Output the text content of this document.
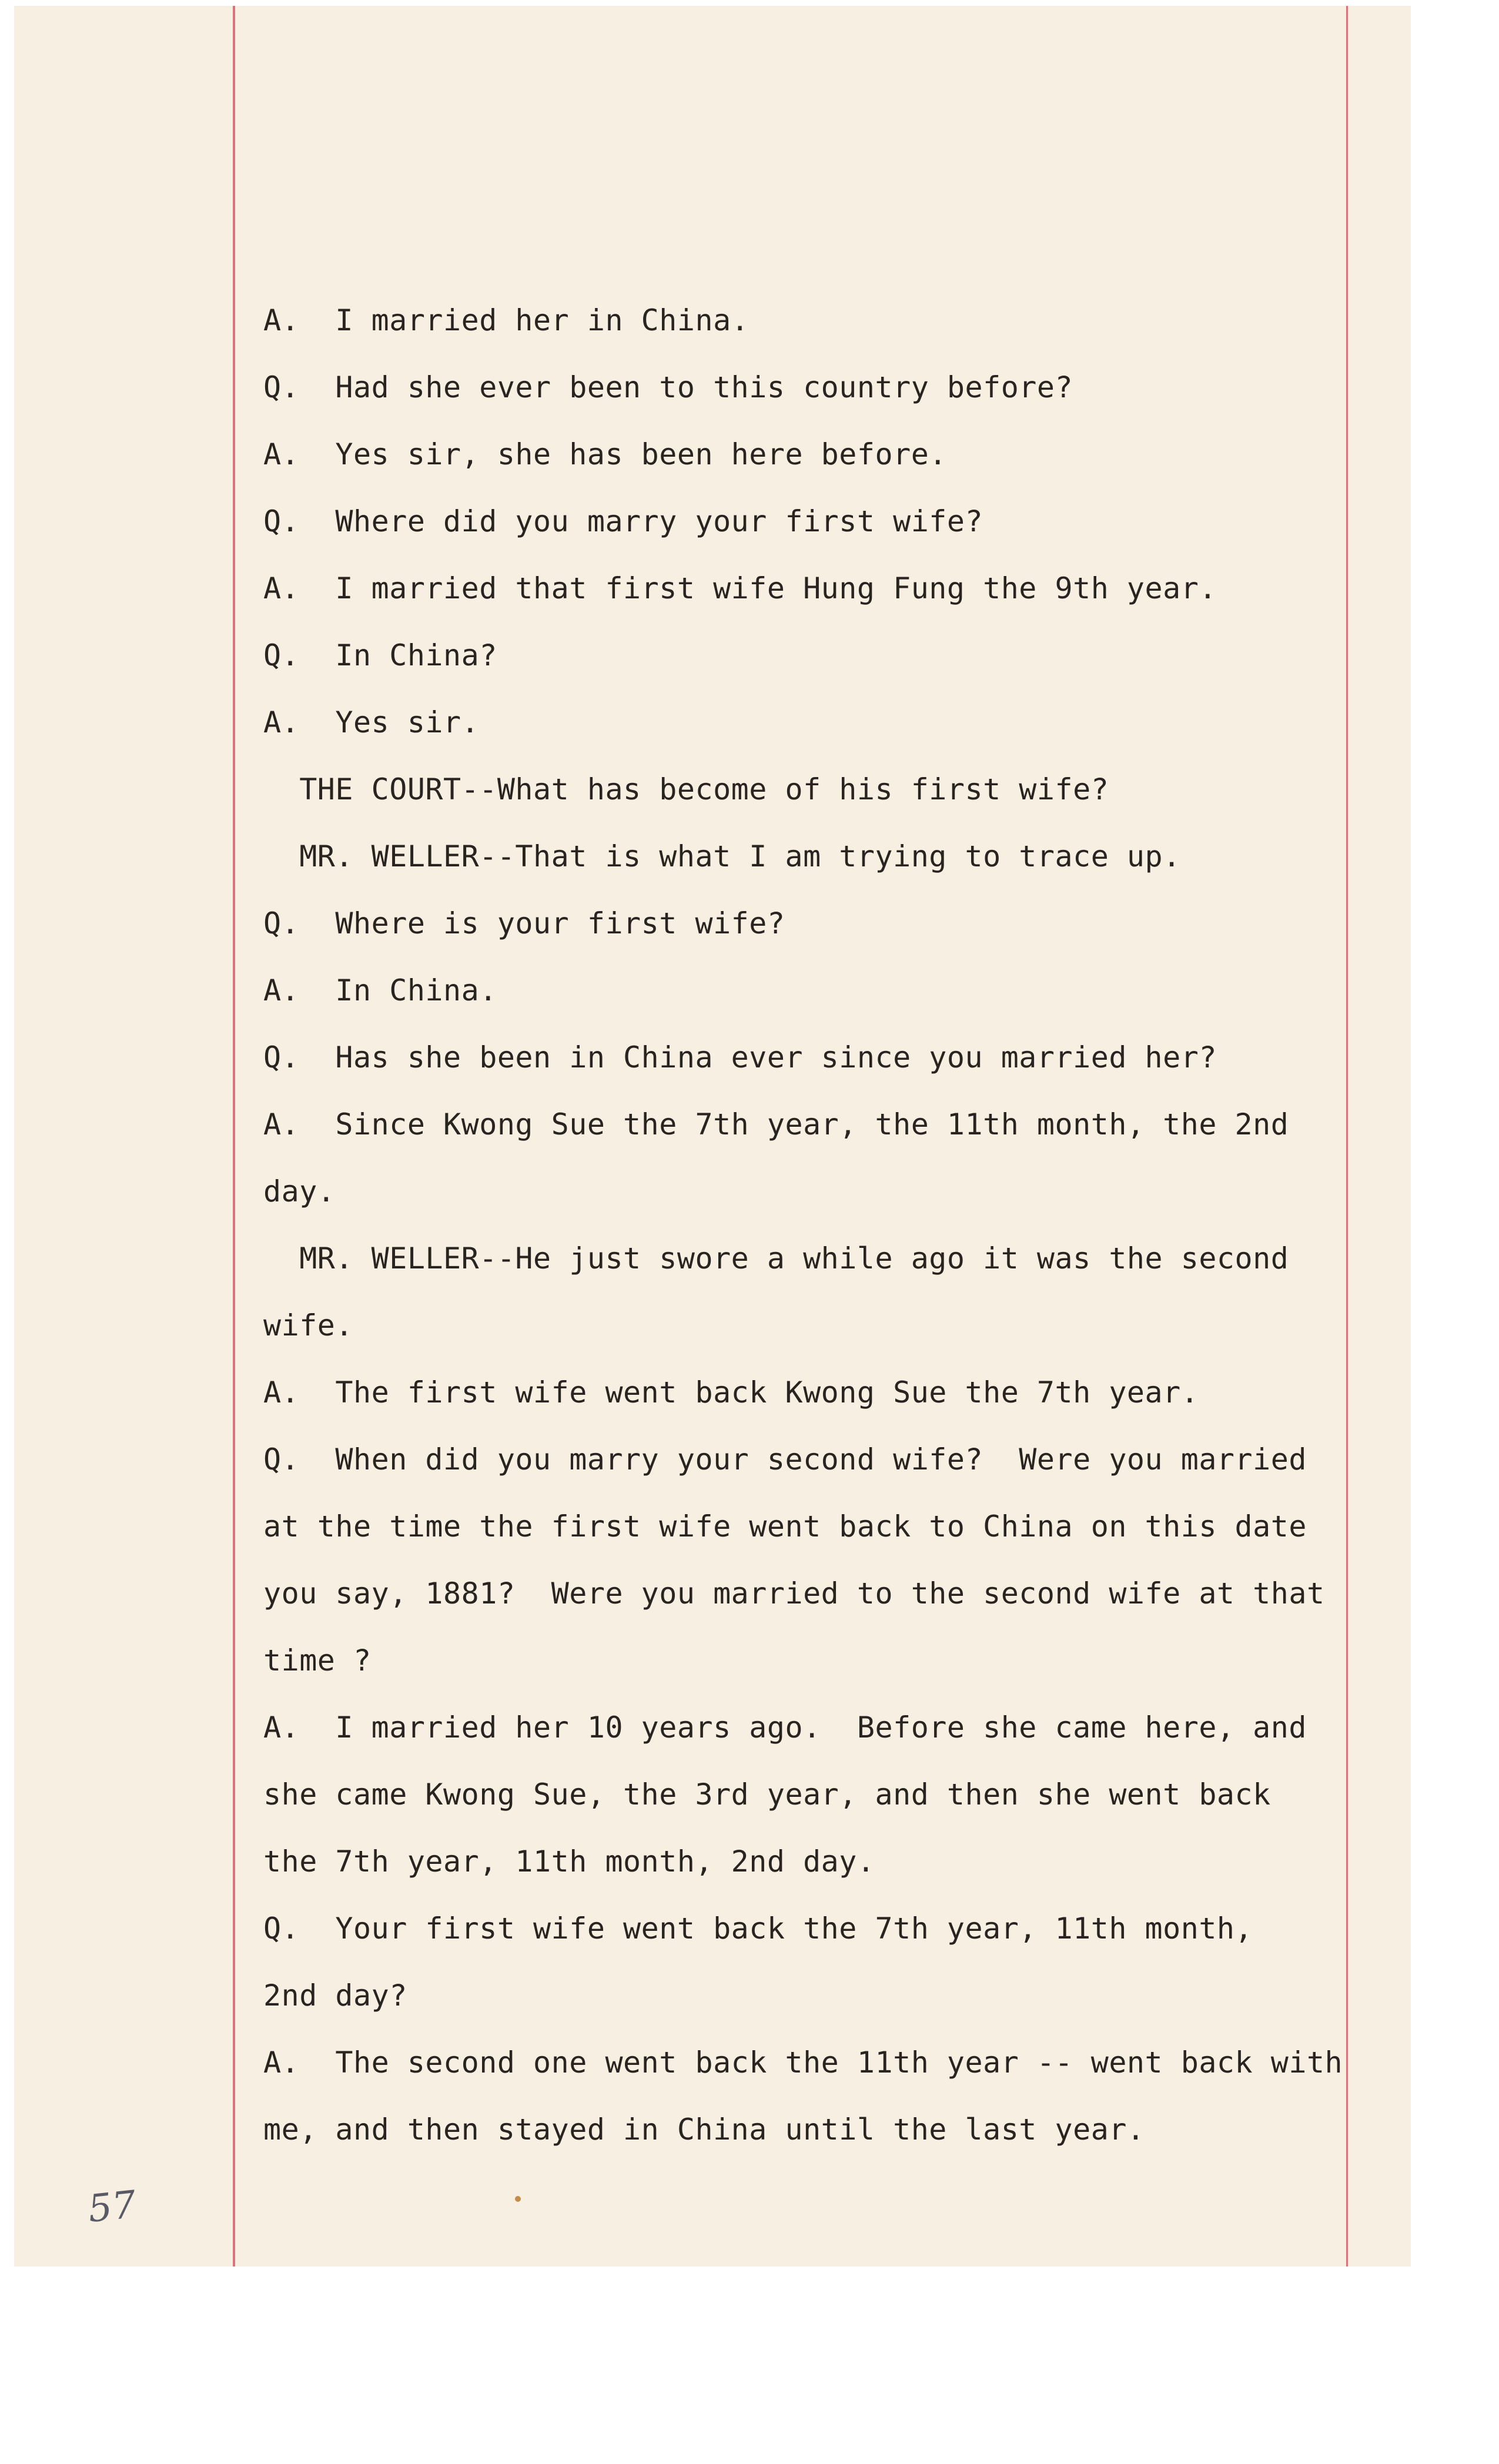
A.  I married her in China.
Q.  Had she ever been to this country before?
A.  Yes sir, she has been here before.
Q.  Where did you marry your first wife?
A.  I married that first wife Hung Fung the 9th year.
Q.  In China?
A.  Yes sir.
THE COURT--What has become of his first wife?
MR. WELLER--That is what I am trying to trace up.
Q.  Where is your first wife?
A.  In China.
Q.  Has she been in China ever since you married her?
A.  Since Kwong Sue the 7th year, the 11th month, the 2nd
day.
MR. WELLER--He just swore a while ago it was the second
wife.
A.  The first wife went back Kwong Sue the 7th year.
Q.  When did you marry your second wife?  Were you married
at the time the first wife went back to China on this date
you say, 1881?  Were you married to the second wife at that
time ?
A.  I married her 10 years ago.  Before she came here, and
she came Kwong Sue, the 3rd year, and then she went back
the 7th year, 11th month, 2nd day.
Q.  Your first wife went back the 7th year, 11th month,
2nd day?
A.  The second one went back the 11th year -- went back with
me, and then stayed in China until the last year.
57
